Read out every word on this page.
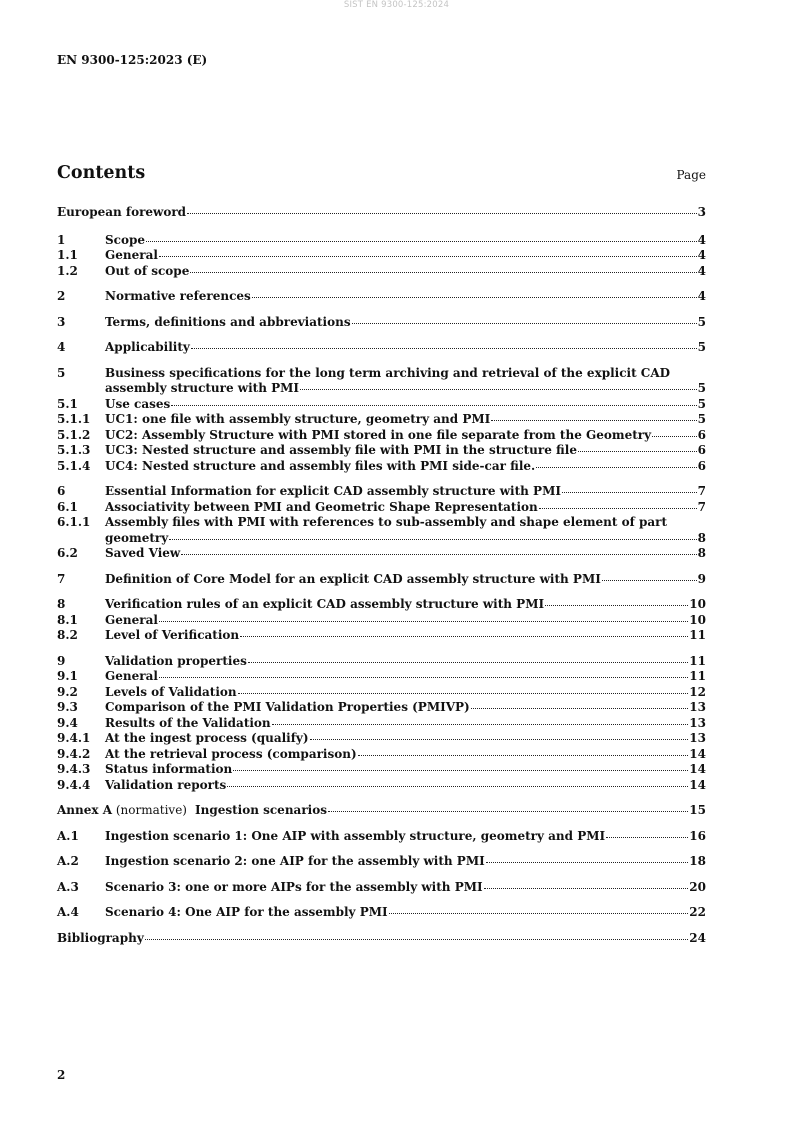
SIST EN 9300-125:2024
EN 9300-125:2023 (E)
Contents	Page
European foreword	3
1	Scope	4
1.1	General	4
1.2	Out of scope	4
2	Normative references	4
3	Terms, definitions and abbreviations	5
4	Applicability	5
5	Business specifications for the long term archiving and retrieval of the explicit CAD
assembly structure with PMI	5
5.1	Use cases	5
5.1.1	UC1: one file with assembly structure, geometry and PMI	5
5.1.2	UC2: Assembly Structure with PMI stored in one file separate from the Geometry	6
5.1.3	UC3: Nested structure and assembly file with PMI in the structure file	6
5.1.4	UC4: Nested structure and assembly files with PMI side-car file.	6
6	Essential Information for explicit CAD assembly structure with PMI	7
6.1	Associativity between PMI and Geometric Shape Representation	7
6.1.1	Assembly files with PMI with references to sub-assembly and shape element of part
geometry	8
6.2	Saved View	8
7	Definition of Core Model for an explicit CAD assembly structure with PMI	9
8	Verification rules of an explicit CAD assembly structure with PMI	10
8.1	General	10
8.2	Level of Verification	11
9	Validation properties	11
9.1	General	11
9.2	Levels of Validation	12
9.3	Comparison of the PMI Validation Properties (PMIVP)	13
9.4	Results of the Validation	13
9.4.1	At the ingest process (qualify)	13
9.4.2	At the retrieval process (comparison)	14
9.4.3	Status information	14
9.4.4	Validation reports	14
Annex A (normative) Ingestion scenarios	15
A.1	Ingestion scenario 1: One AIP with assembly structure, geometry and PMI	16
A.2	Ingestion scenario 2: one AIP for the assembly with PMI	18
A.3	Scenario 3: one or more AIPs for the assembly with PMI	20
A.4	Scenario 4: One AIP for the assembly PMI	22
Bibliography	24
2
